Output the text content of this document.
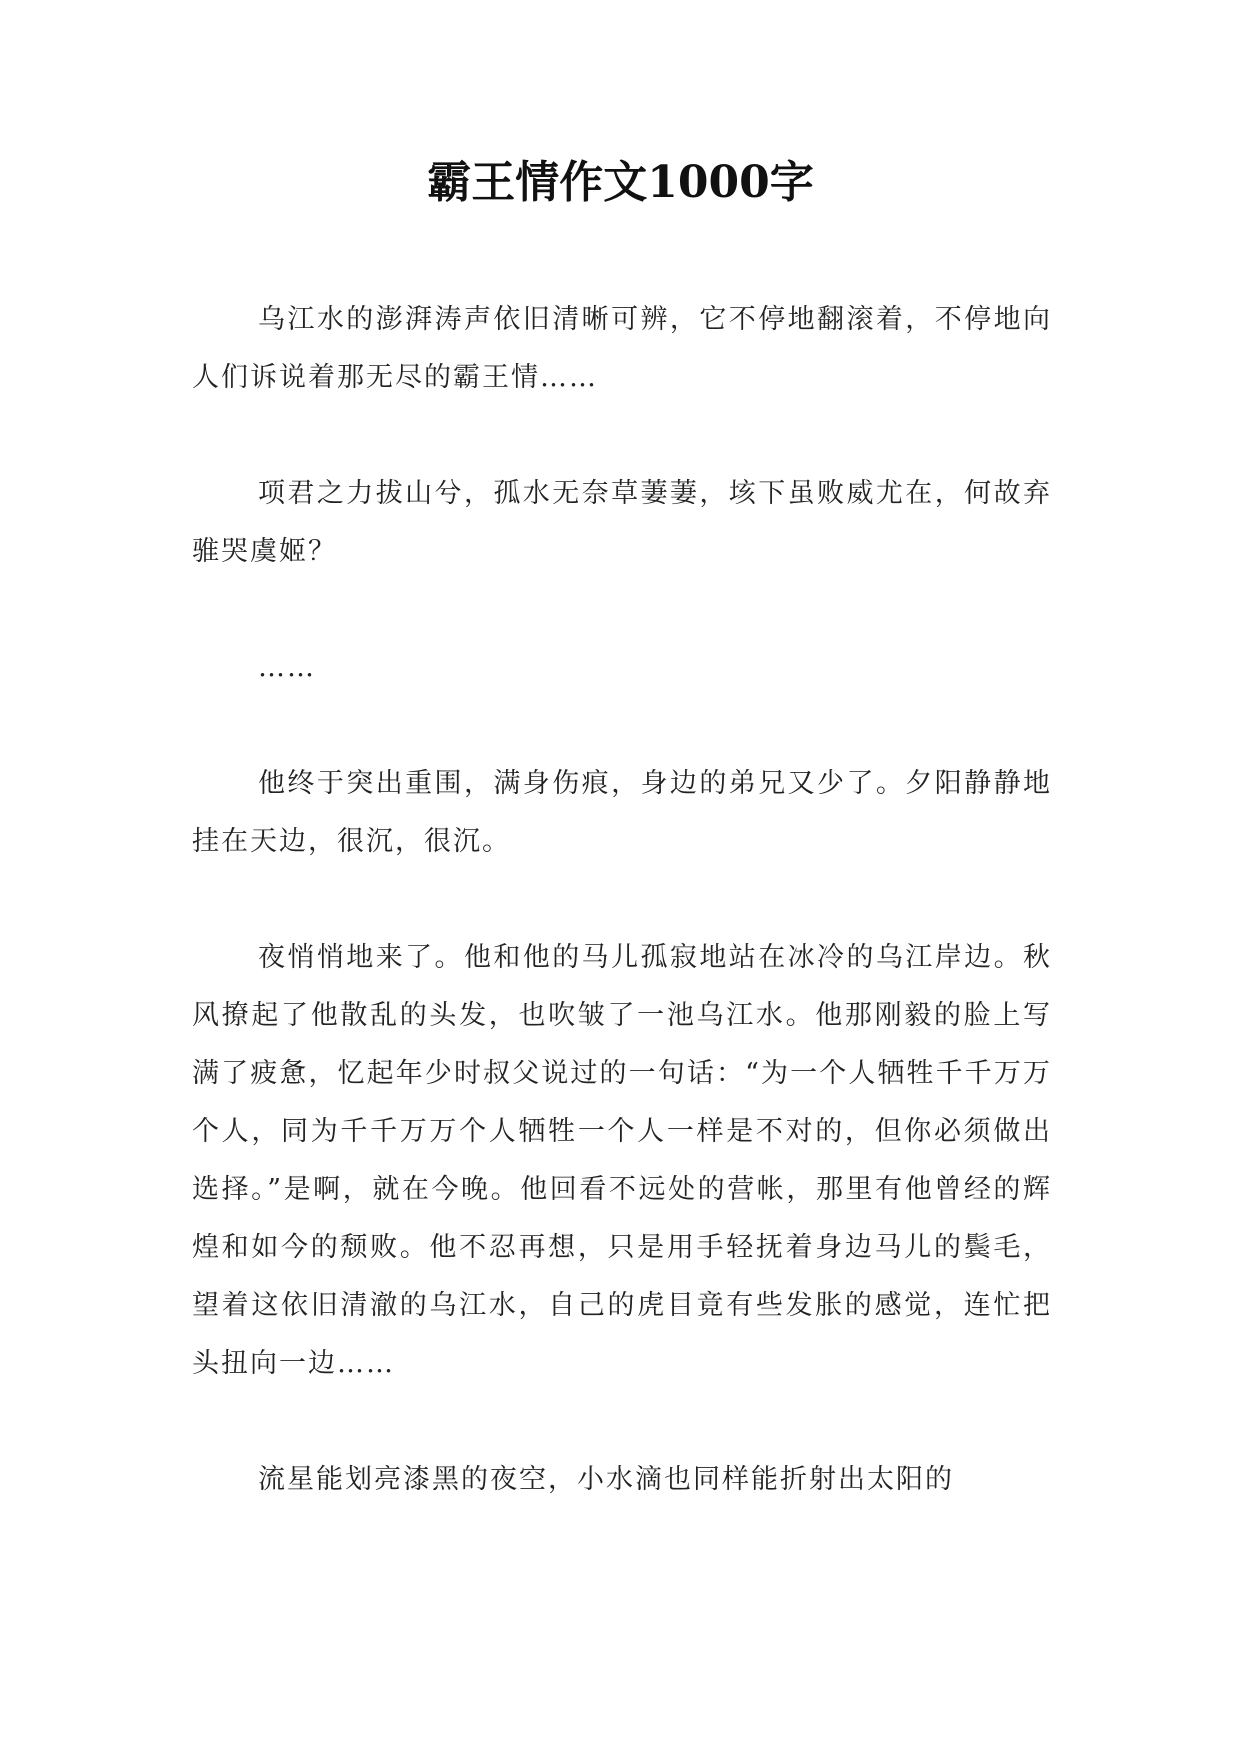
霸王情作文1000字

乌江水的澎湃涛声依旧清晰可辨，它不停地翻滚着，不停地向人们诉说着那无尽的霸王情……

项君之力拔山兮，孤水无奈草萋萋，垓下虽败威尤在，何故弃骓哭虞姬？

……

他终于突出重围，满身伤痕，身边的弟兄又少了。夕阳静静地挂在天边，很沉，很沉。

夜悄悄地来了。他和他的马儿孤寂地站在冰冷的乌江岸边。秋风撩起了他散乱的头发，也吹皱了一池乌江水。他那刚毅的脸上写满了疲惫，忆起年少时叔父说过的一句话：“为一个人牺牲千千万万个人，同为千千万万个人牺牲一个人一样是不对的，但你必须做出选择。”是啊，就在今晚。他回看不远处的营帐，那里有他曾经的辉煌和如今的颓败。他不忍再想，只是用手轻抚着身边马儿的鬓毛，望着这依旧清澈的乌江水，自己的虎目竟有些发胀的感觉，连忙把头扭向一边……

流星能划亮漆黑的夜空，小水滴也同样能折射出太阳的
